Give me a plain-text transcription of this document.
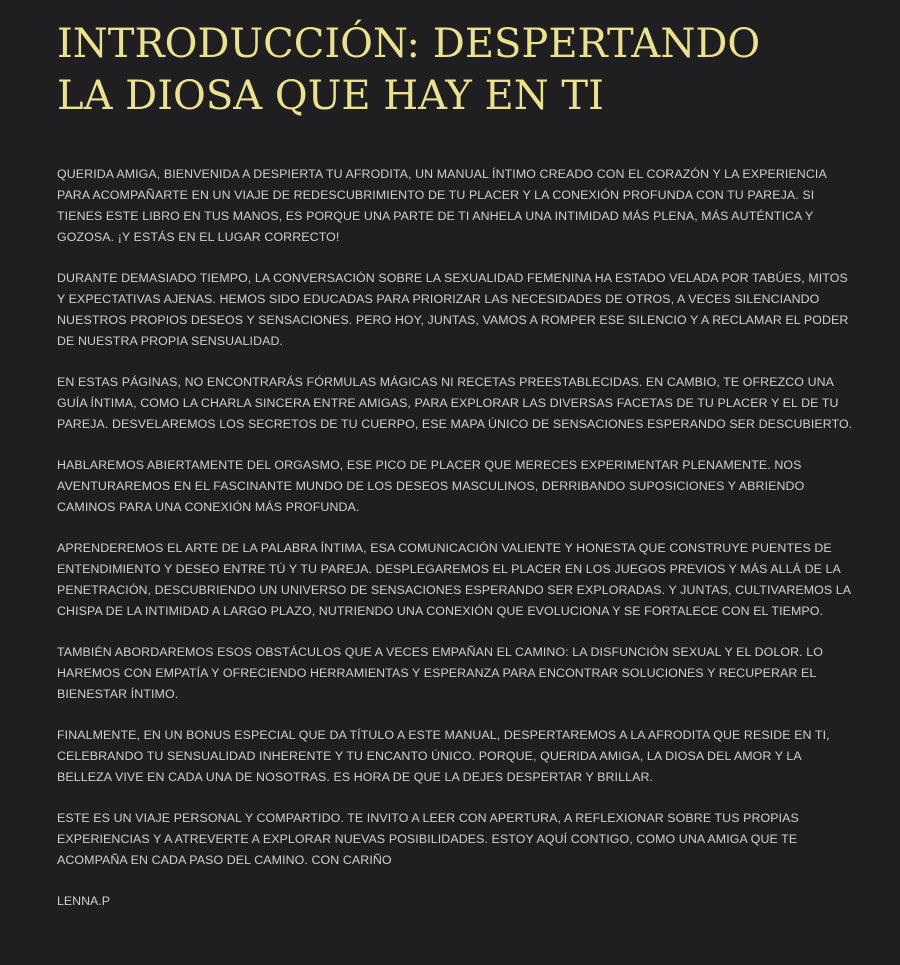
INTRODUCCIÓN: DESPERTANDO
LA DIOSA QUE HAY EN TI

QUERIDA AMIGA, BIENVENIDA A DESPIERTA TU AFRODITA, UN MANUAL ÍNTIMO CREADO CON EL CORAZÓN Y LA EXPERIENCIA PARA ACOMPAÑARTE EN UN VIAJE DE REDESCUBRIMIENTO DE TU PLACER Y LA CONEXIÓN PROFUNDA CON TU PAREJA. SI TIENES ESTE LIBRO EN TUS MANOS, ES PORQUE UNA PARTE DE TI ANHELA UNA INTIMIDAD MÁS PLENA, MÁS AUTÉNTICA Y GOZOSA. ¡Y ESTÁS EN EL LUGAR CORRECTO!

DURANTE DEMASIADO TIEMPO, LA CONVERSACIÓN SOBRE LA SEXUALIDAD FEMENINA HA ESTADO VELADA POR TABÚES, MITOS Y EXPECTATIVAS AJENAS. HEMOS SIDO EDUCADAS PARA PRIORIZAR LAS NECESIDADES DE OTROS, A VECES SILENCIANDO NUESTROS PROPIOS DESEOS Y SENSACIONES. PERO HOY, JUNTAS, VAMOS A ROMPER ESE SILENCIO Y A RECLAMAR EL PODER DE NUESTRA PROPIA SENSUALIDAD.

EN ESTAS PÁGINAS, NO ENCONTRARÁS FÓRMULAS MÁGICAS NI RECETAS PREESTABLECIDAS. EN CAMBIO, TE OFREZCO UNA GUÍA ÍNTIMA, COMO LA CHARLA SINCERA ENTRE AMIGAS, PARA EXPLORAR LAS DIVERSAS FACETAS DE TU PLACER Y EL DE TU PAREJA. DESVELAREMOS LOS SECRETOS DE TU CUERPO, ESE MAPA ÚNICO DE SENSACIONES ESPERANDO SER DESCUBIERTO.

HABLAREMOS ABIERTAMENTE DEL ORGASMO, ESE PICO DE PLACER QUE MERECES EXPERIMENTAR PLENAMENTE. NOS AVENTURAREMOS EN EL FASCINANTE MUNDO DE LOS DESEOS MASCULINOS, DERRIBANDO SUPOSICIONES Y ABRIENDO CAMINOS PARA UNA CONEXIÓN MÁS PROFUNDA.

APRENDEREMOS EL ARTE DE LA PALABRA ÍNTIMA, ESA COMUNICACIÓN VALIENTE Y HONESTA QUE CONSTRUYE PUENTES DE ENTENDIMIENTO Y DESEO ENTRE TÚ Y TU PAREJA. DESPLEGAREMOS EL PLACER EN LOS JUEGOS PREVIOS Y MÁS ALLÁ DE LA PENETRACIÓN, DESCUBRIENDO UN UNIVERSO DE SENSACIONES ESPERANDO SER EXPLORADAS. Y JUNTAS, CULTIVAREMOS LA CHISPA DE LA INTIMIDAD A LARGO PLAZO, NUTRIENDO UNA CONEXIÓN QUE EVOLUCIONA Y SE FORTALECE CON EL TIEMPO.

TAMBIÉN ABORDAREMOS ESOS OBSTÁCULOS QUE A VECES EMPAÑAN EL CAMINO: LA DISFUNCIÓN SEXUAL Y EL DOLOR. LO HAREMOS CON EMPATÍA Y OFRECIENDO HERRAMIENTAS Y ESPERANZA PARA ENCONTRAR SOLUCIONES Y RECUPERAR EL BIENESTAR ÍNTIMO.

FINALMENTE, EN UN BONUS ESPECIAL QUE DA TÍTULO A ESTE MANUAL, DESPERTAREMOS A LA AFRODITA QUE RESIDE EN TI, CELEBRANDO TU SENSUALIDAD INHERENTE Y TU ENCANTO ÚNICO. PORQUE, QUERIDA AMIGA, LA DIOSA DEL AMOR Y LA BELLEZA VIVE EN CADA UNA DE NOSOTRAS. ES HORA DE QUE LA DEJES DESPERTAR Y BRILLAR.

ESTE ES UN VIAJE PERSONAL Y COMPARTIDO. TE INVITO A LEER CON APERTURA, A REFLEXIONAR SOBRE TUS PROPIAS EXPERIENCIAS Y A ATREVERTE A EXPLORAR NUEVAS POSIBILIDADES. ESTOY AQUÍ CONTIGO, COMO UNA AMIGA QUE TE ACOMPAÑA EN CADA PASO DEL CAMINO. CON CARIÑO

LENNA.P
